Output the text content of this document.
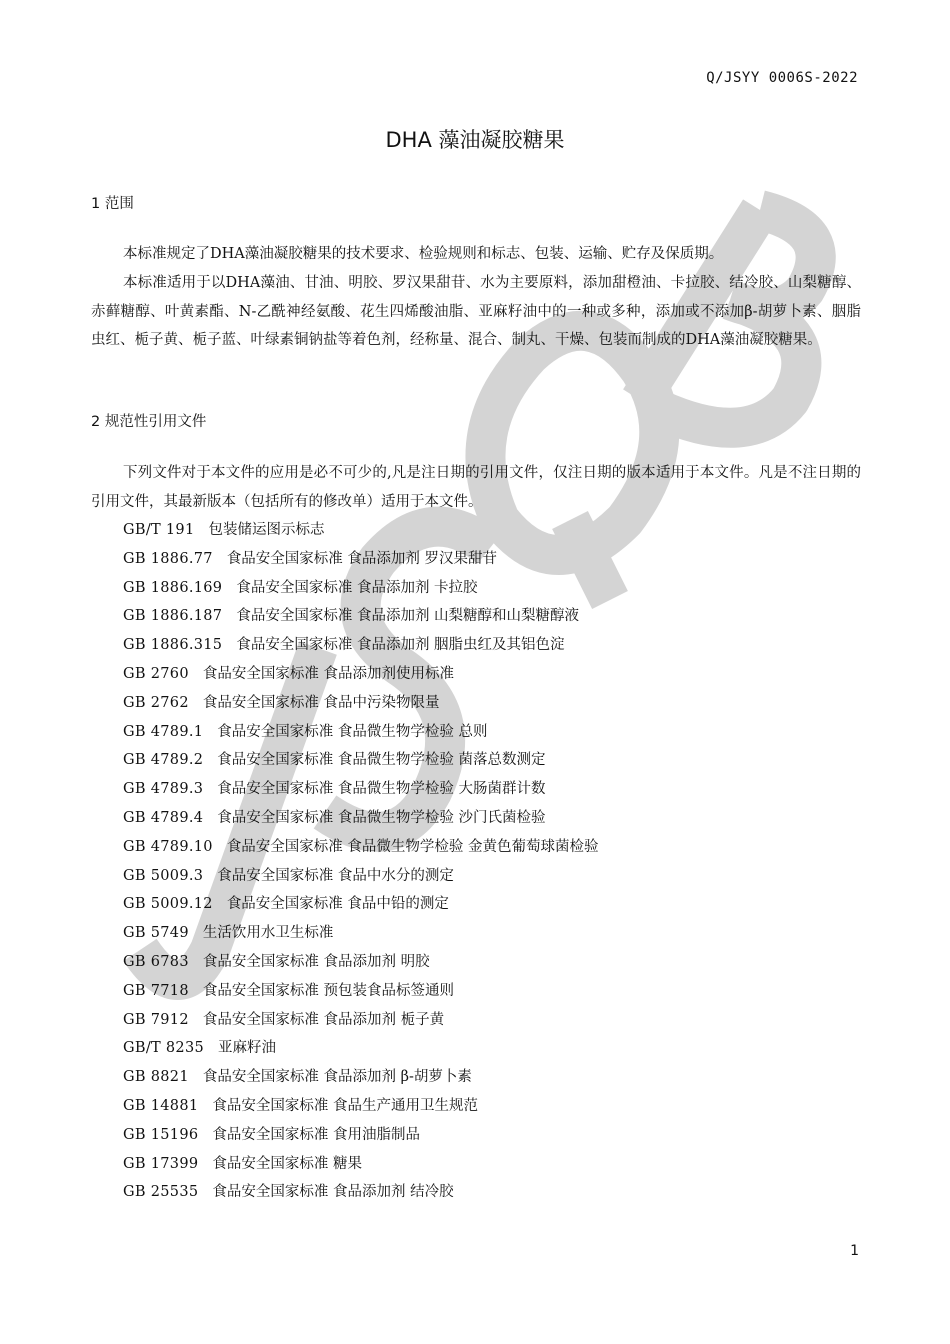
Q/JSYY 0006S-2022
DHA 藻油凝胶糖果
1 范围
本标准规定了DHA藻油凝胶糖果的技术要求、检验规则和标志、包装、运输、贮存及保质期。
本标准适用于以DHA藻油、甘油、明胶、罗汉果甜苷、水为主要原料，添加甜橙油、卡拉胶、结冷胶、山梨糖醇、赤藓糖醇、叶黄素酯、N-乙酰神经氨酸、花生四烯酸油脂、亚麻籽油中的一种或多种，添加或不添加β-胡萝卜素、胭脂虫红、栀子黄、栀子蓝、叶绿素铜钠盐等着色剂，经称量、混合、制丸、干燥、包装而制成的DHA藻油凝胶糖果。
2 规范性引用文件
下列文件对于本文件的应用是必不可少的,凡是注日期的引用文件，仅注日期的版本适用于本文件。凡是不注日期的引用文件，其最新版本（包括所有的修改单）适用于本文件。
GB/T 191 包装储运图示标志
GB 1886.77 食品安全国家标准 食品添加剂 罗汉果甜苷
GB 1886.169 食品安全国家标准 食品添加剂 卡拉胶
GB 1886.187 食品安全国家标准 食品添加剂 山梨糖醇和山梨糖醇液
GB 1886.315 食品安全国家标准 食品添加剂 胭脂虫红及其铝色淀
GB 2760 食品安全国家标准 食品添加剂使用标准
GB 2762 食品安全国家标准 食品中污染物限量
GB 4789.1 食品安全国家标准 食品微生物学检验 总则
GB 4789.2 食品安全国家标准 食品微生物学检验 菌落总数测定
GB 4789.3 食品安全国家标准 食品微生物学检验 大肠菌群计数
GB 4789.4 食品安全国家标准 食品微生物学检验 沙门氏菌检验
GB 4789.10 食品安全国家标准 食品微生物学检验 金黄色葡萄球菌检验
GB 5009.3 食品安全国家标准 食品中水分的测定
GB 5009.12 食品安全国家标准 食品中铅的测定
GB 5749 生活饮用水卫生标准
GB 6783 食品安全国家标准 食品添加剂 明胶
GB 7718 食品安全国家标准 预包装食品标签通则
GB 7912 食品安全国家标准 食品添加剂 栀子黄
GB/T 8235 亚麻籽油
GB 8821 食品安全国家标准 食品添加剂 β-胡萝卜素
GB 14881 食品安全国家标准 食品生产通用卫生规范
GB 15196 食品安全国家标准 食用油脂制品
GB 17399 食品安全国家标准 糖果
GB 25535 食品安全国家标准 食品添加剂 结冷胶
1
